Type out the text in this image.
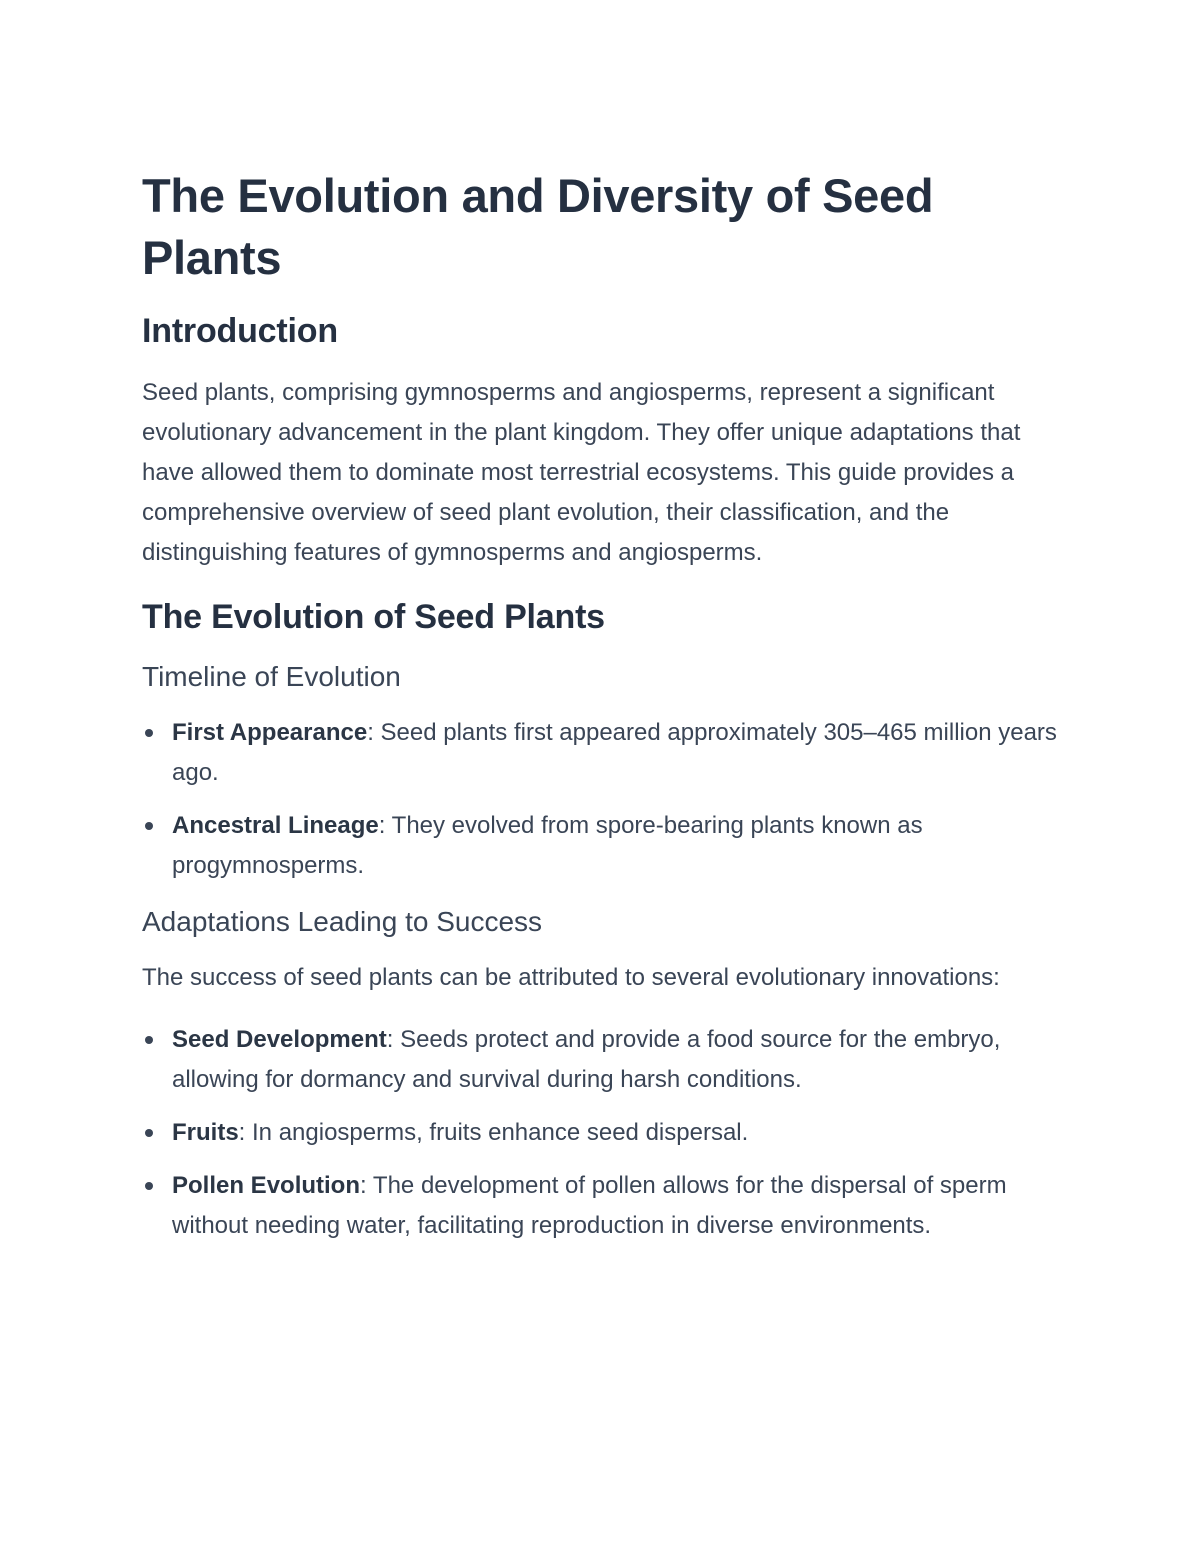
The Evolution and Diversity of Seed Plants
Introduction

Seed plants, comprising gymnosperms and angiosperms, represent a significant evolutionary advancement in the plant kingdom. They offer unique adaptations that have allowed them to dominate most terrestrial ecosystems. This guide provides a comprehensive overview of seed plant evolution, their classification, and the distinguishing features of gymnosperms and angiosperms.

The Evolution of Seed Plants
Timeline of Evolution
First Appearance: Seed plants first appeared approximately 305–465 million years ago.
Ancestral Lineage: They evolved from spore-bearing plants known as progymnosperms.
Adaptations Leading to Success

The success of seed plants can be attributed to several evolutionary innovations:

Seed Development: Seeds protect and provide a food source for the embryo, allowing for dormancy and survival during harsh conditions.
Fruits: In angiosperms, fruits enhance seed dispersal.
Pollen Evolution: The development of pollen allows for the dispersal of sperm without needing water, facilitating reproduction in diverse environments.
